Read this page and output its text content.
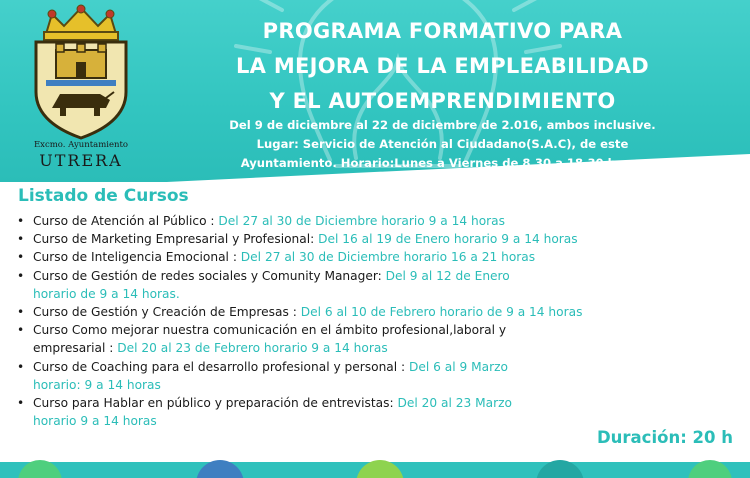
Excmo. Ayuntamiento
UTRERA
PROGRAMA FORMATIVO PARA
LA MEJORA DE LA EMPLEABILIDAD
Y EL AUTOEMPRENDIMIENTO
Del 9 de diciembre al 22 de diciembre de 2.016, ambos inclusive.
Lugar: Servicio de Atención al Ciudadano(S.A.C), de este
Ayuntamiento. Horario:Lunes a Viernes de 8.30 a 18.30 horas
Listado de Cursos
• Curso de Atención al Público : Del 27 al 30 de Diciembre horario 9 a 14 horas
• Curso de Marketing Empresarial y Profesional: Del 16 al 19 de Enero horario 9 a 14 horas
• Curso de Inteligencia Emocional : Del 27 al 30 de Diciembre horario 16 a 21 horas
• Curso de Gestión de redes sociales y Comunity Manager: Del 9 al 12 de Enero
horario de 9 a 14 horas.
• Curso de Gestión y Creación de Empresas : Del 6 al 10 de Febrero horario de 9 a 14 horas
• Curso Como mejorar nuestra comunicación en el ámbito profesional,laboral y
empresarial : Del 20 al 23 de Febrero horario 9 a 14 horas
• Curso de Coaching para el desarrollo profesional y personal : Del 6 al 9 Marzo
horario: 9 a 14 horas
• Curso para Hablar en público y preparación de entrevistas: Del 20 al 23 Marzo
horario 9 a 14 horas
Duración: 20 h
